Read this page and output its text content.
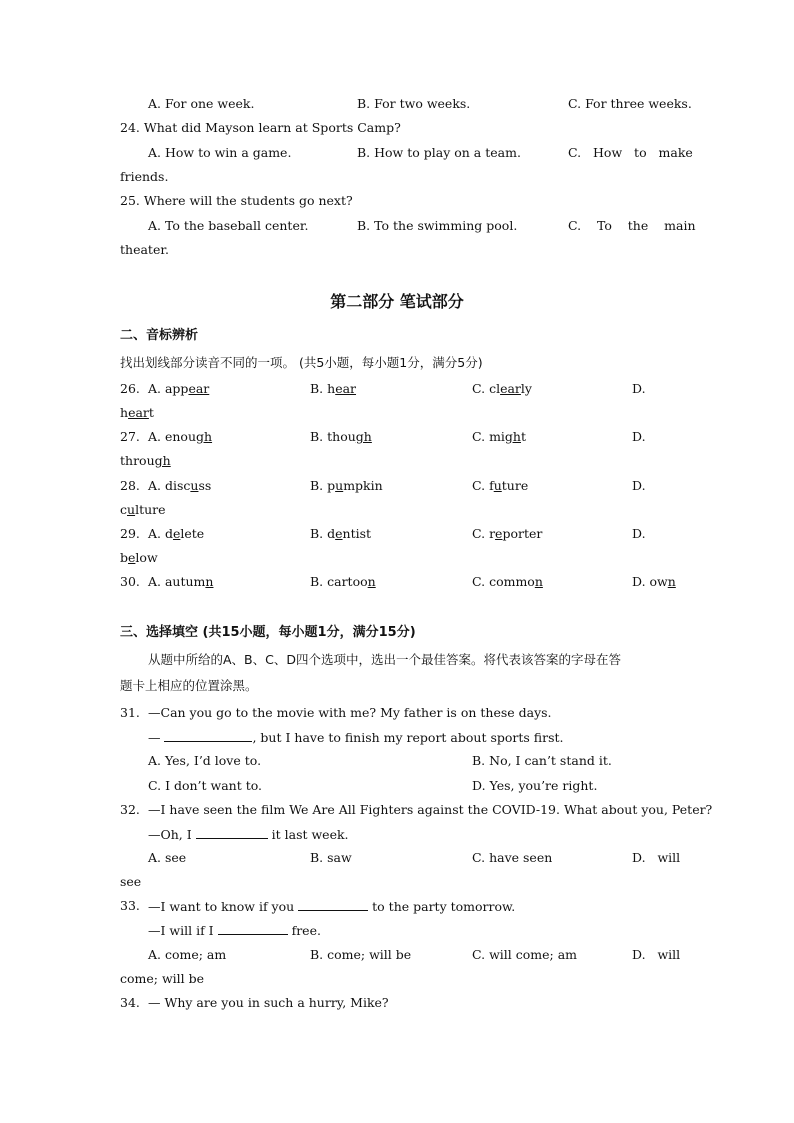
A. For one week.	B. For two weeks.	C. For three weeks.
24. What did Mayson learn at Sports Camp?
A. How to win a game.	B. How to play on a team.	C.   How   to   make
friends.
25. Where will the students go next?
A. To the baseball center.	B. To the swimming pool.	C.    To    the    main
theater.
第二部分 笔试部分
二、音标辨析
找出划线部分读音不同的一项。 (共5小题，每小题1分，满分5分)
26. A. appear	B. hear	C. clearly	D.
heart
27. A. enough	B. though	C. might	D.
through
28. A. discuss	B. pumpkin	C. future	D.
culture
29. A. delete	B. dentist	C. reporter	D.
below
30. A. autumn	B. cartoon	C. common	D. own
三、选择填空 (共15小题，每小题1分，满分15分)
从题中所给的A、B、C、D四个选项中，选出一个最佳答案。将代表该答案的字母在答
题卡上相应的位置涂黑。
31. —Can you go to the movie with me? My father is on these days.
—	, but I have to finish my report about sports first.
A. Yes, I’d love to.	B. No, I can’t stand it.
C. I don’t want to.	D. Yes, you’re right.
32. —I have seen the film We Are All Fighters against the COVID-19. What about you, Peter?
—Oh, I	it last week.
A. see	B. saw	C. have seen	D.   will
see
33. —I want to know if you	to the party tomorrow.
—I will if I	free.
A. come; am	B. come; will be	C. will come; am	D.   will
come; will be
34. — Why are you in such a hurry, Mike?
